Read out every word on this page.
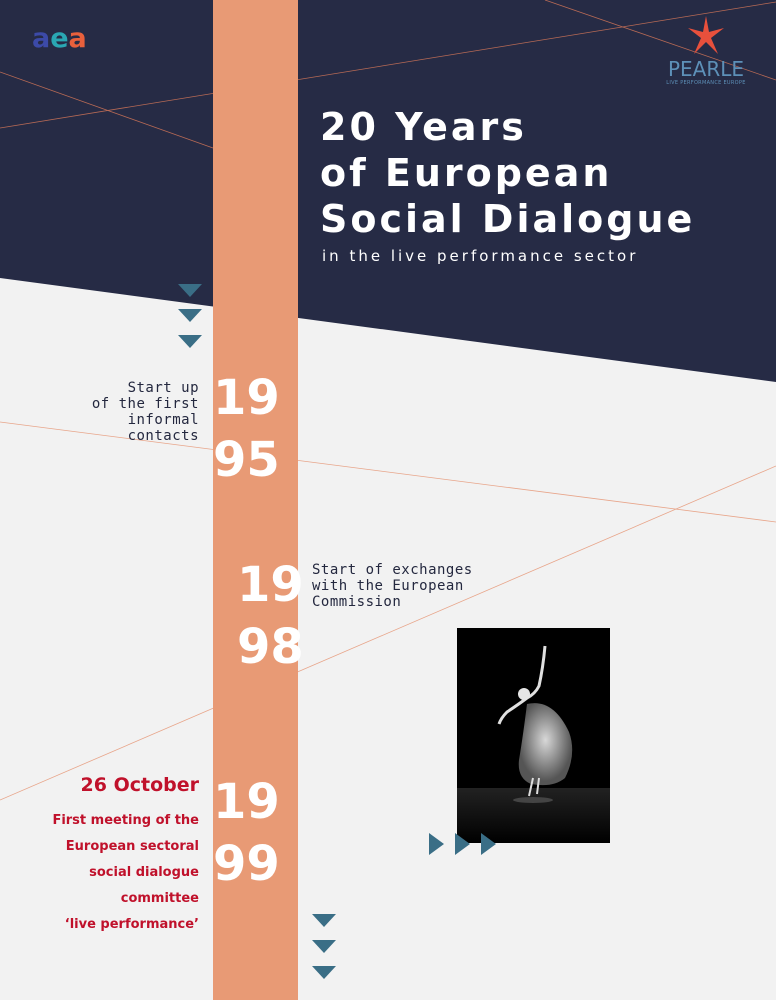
aea
PEARLE
LIVE PERFORMANCE EUROPE
20 Years
of European
Social Dialogue
in the live performance sector
19
95
Start up
of the first
informal
contacts
19
98
Start of exchanges
with the European
Commission
19
99
26 October
First meeting of the
European sectoral
social dialogue
committee
‘live performance’
